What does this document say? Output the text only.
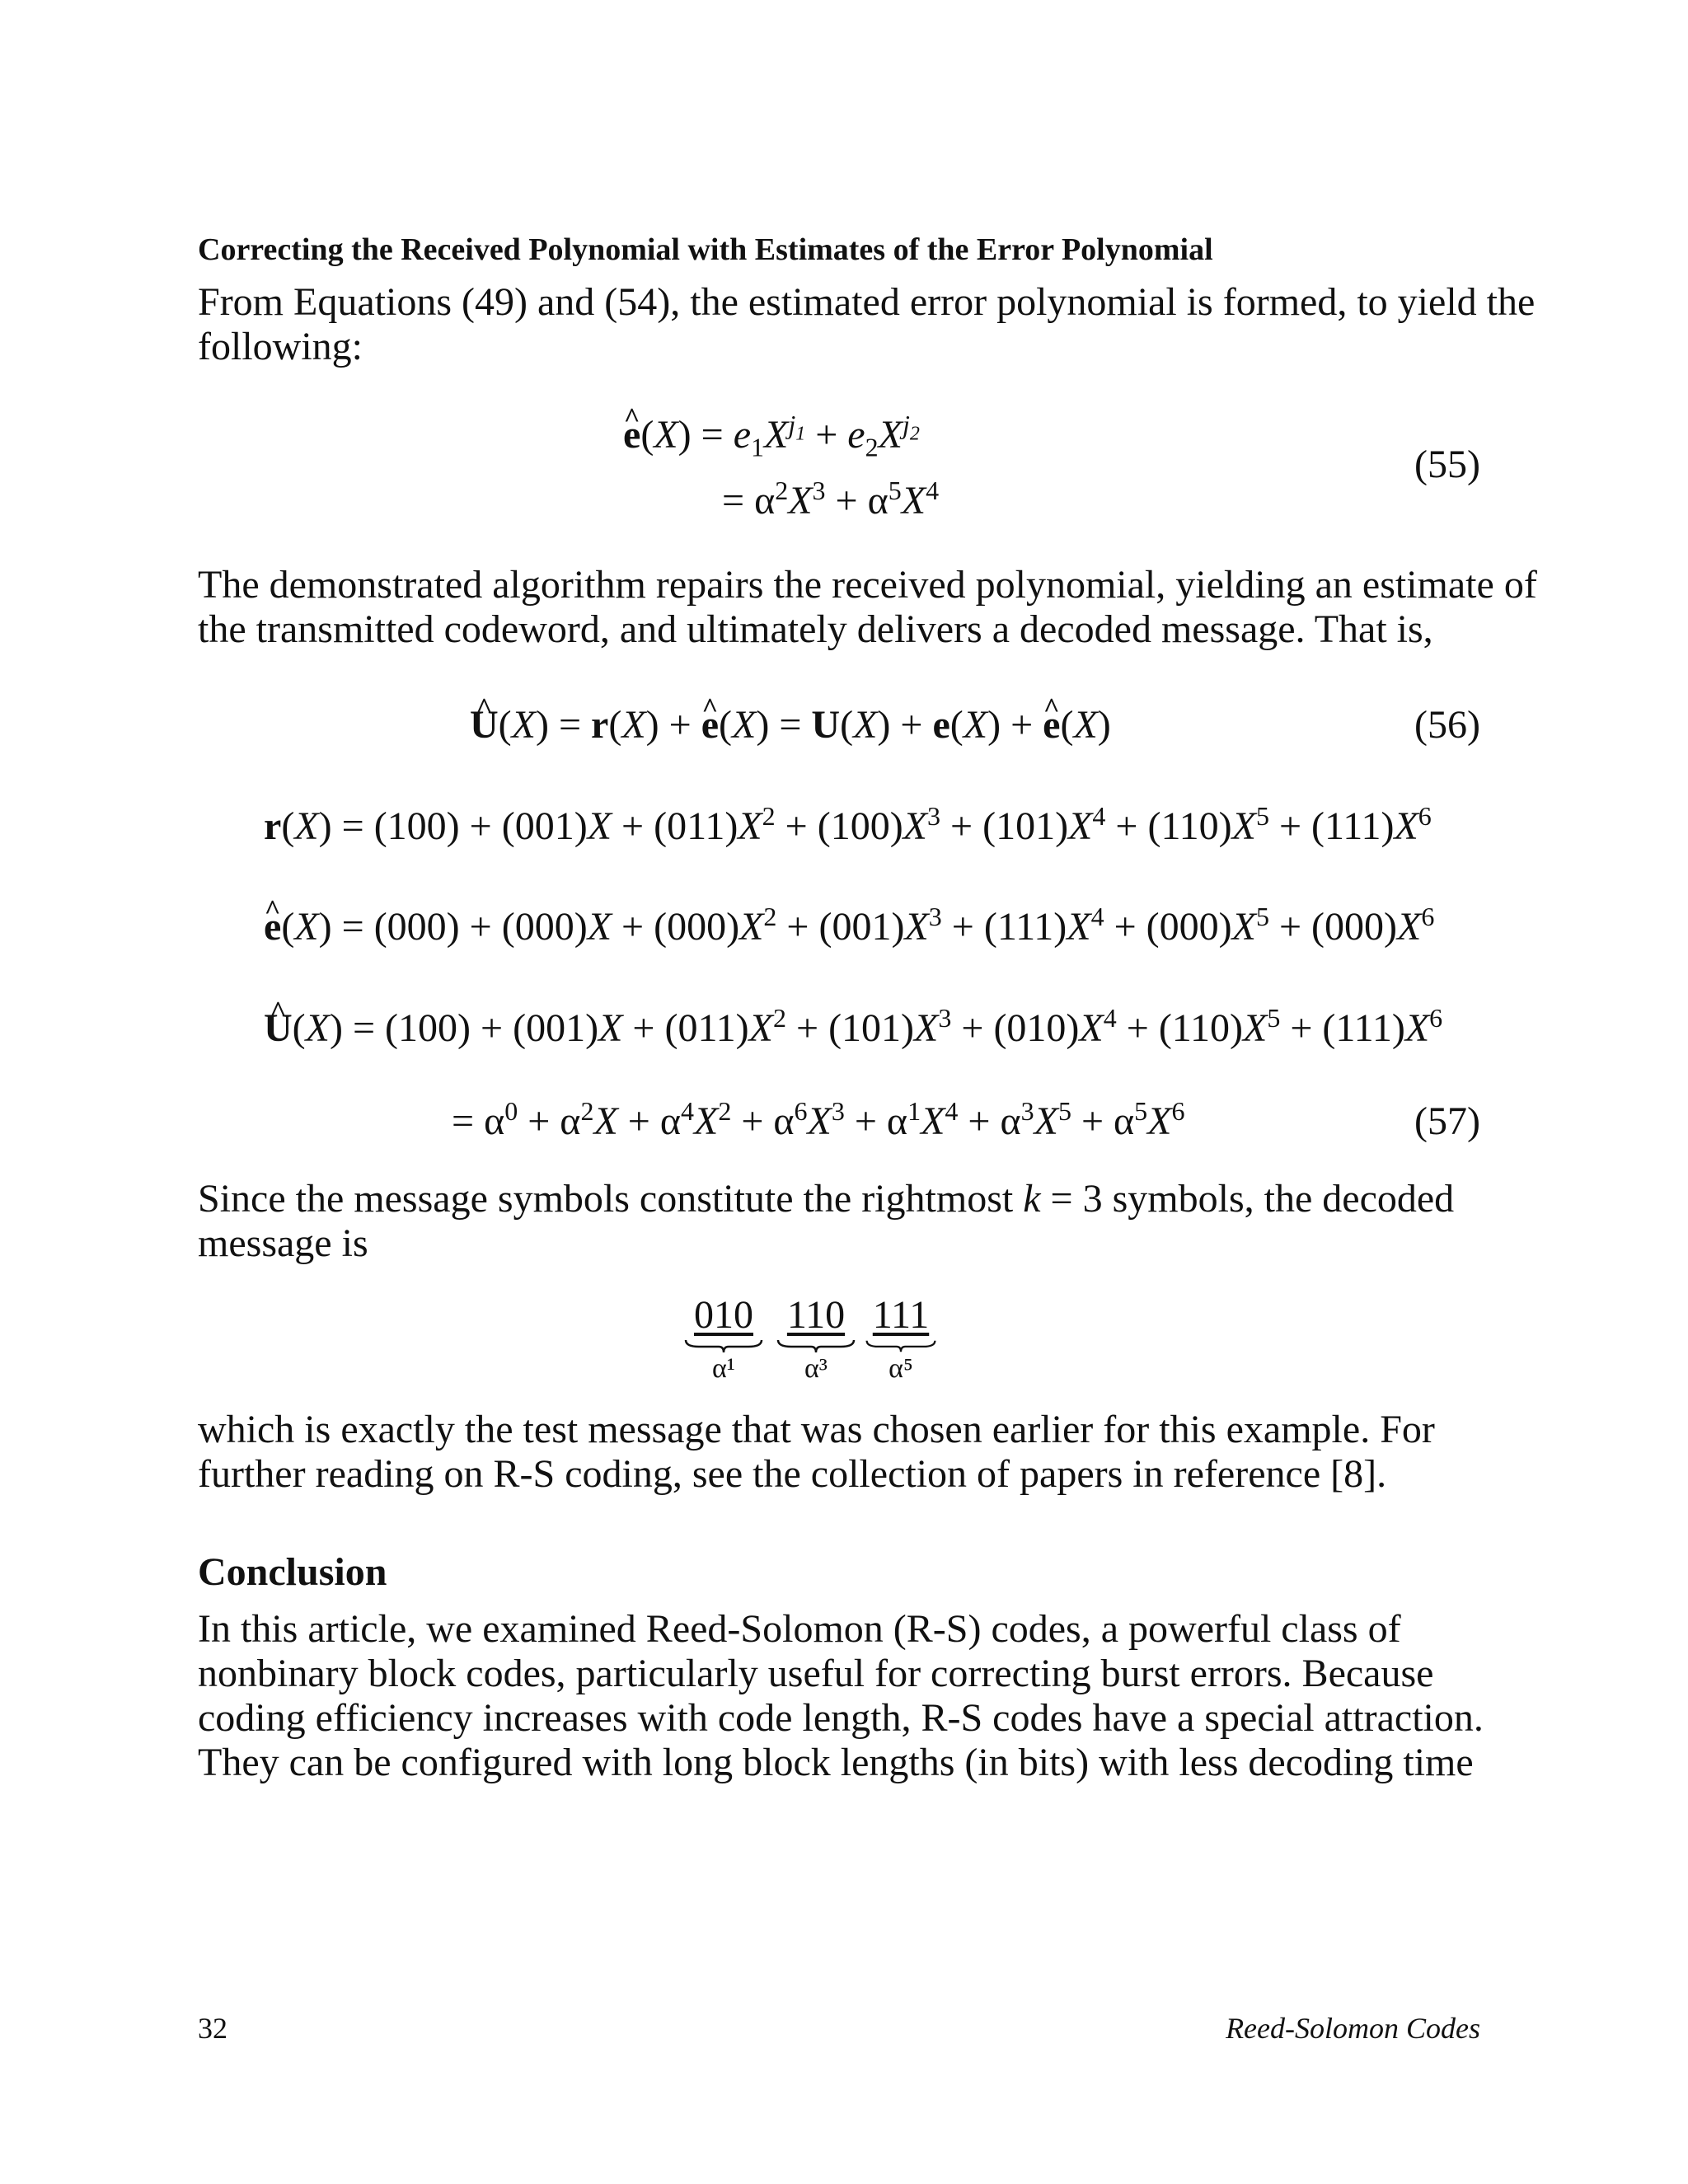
Correcting the Received Polynomial with Estimates of the Error Polynomial
From Equations (49) and (54), the estimated error polynomial is formed, to yield the following:
^ $e(X) = e_1X^{j_1} + e_2X^{j_2}$
= $\alpha^2X^3 + \alpha^5X^4$
(55)
The demonstrated algorithm repairs the received polynomial, yielding an estimate of the transmitted codeword, and ultimately delivers a decoded message. That is,
^ U(X) = r(X) + ^ e(X) = U(X) + e(X) + ^ e(X)	(56)
$r(X) = (100) + (001)X + (011)X^2 + (100)X^3 + (101)X^4 + (110)X^5 + (111)X^6$
^ $e(X) = (000) + (000)X + (000)X^2 + (001)X^3 + (111)X^4 + (000)X^5 + (000)X^6$
^ $U(X) = (100) + (001)X + (011)X^2 + (101)X^3 + (010)X^4 + (110)X^5 + (111)X^6$
= $\alpha^0 + \alpha^2X + \alpha^4X^2 + \alpha^6X^3 + \alpha^1X^4 + \alpha^3X^5 + \alpha^5X^6$	(57)
Since the message symbols constitute the rightmost k = 3 symbols, the decoded message is
010
α¹
110
α³
111
α⁵
which is exactly the test message that was chosen earlier for this example. For further reading on R-S coding, see the collection of papers in reference [8].
Conclusion
In this article, we examined Reed-Solomon (R-S) codes, a powerful class of nonbinary block codes, particularly useful for correcting burst errors. Because coding efficiency increases with code length, R-S codes have a special attraction. They can be configured with long block lengths (in bits) with less decoding time
32	Reed-Solomon Codes
